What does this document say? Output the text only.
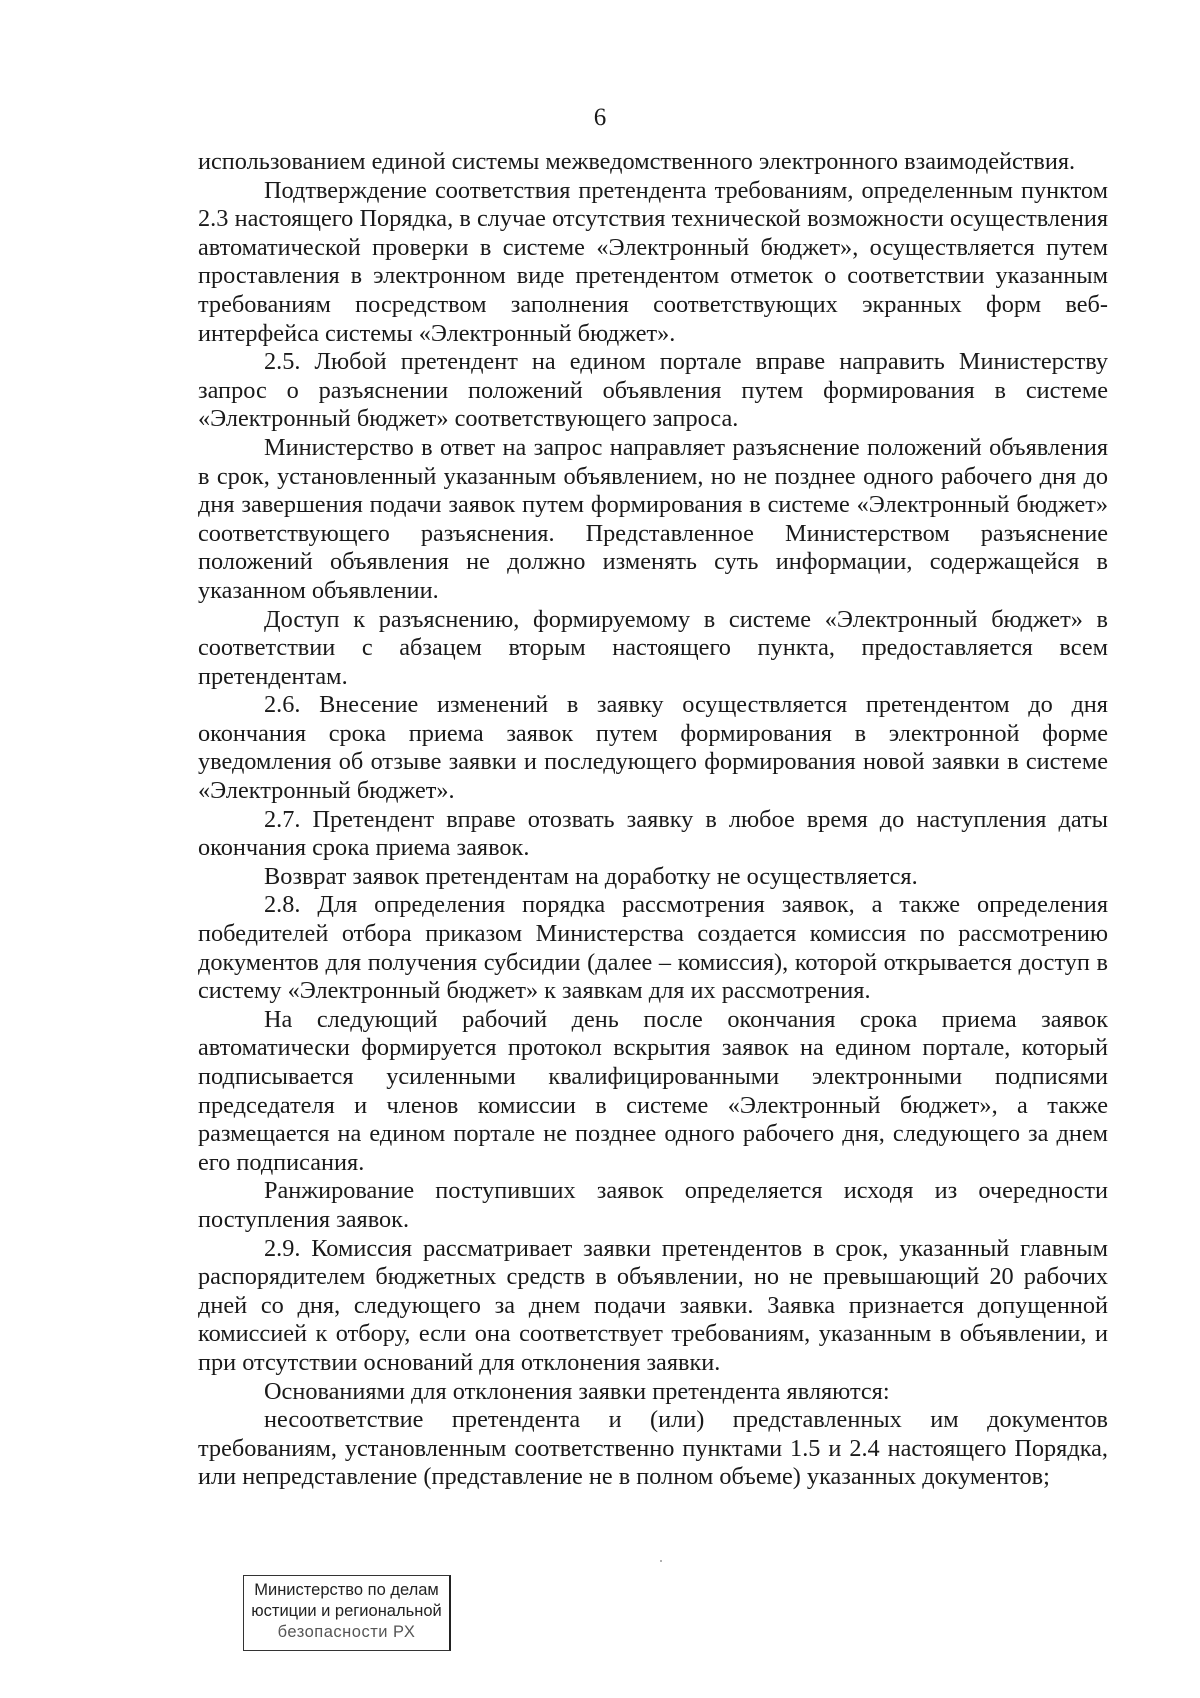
6

использованием единой системы межведомственного электронного взаимодействия.

Подтверждение соответствия претендента требованиям, определенным пунктом 2.3 настоящего Порядка, в случае отсутствия технической возможности осуществления автоматической проверки в системе «Электронный бюджет», осуществляется путем проставления в электронном виде претендентом отметок о соответствии указанным требованиям посредством заполнения соответствующих экранных форм веб-интерфейса системы «Электронный бюджет».

2.5. Любой претендент на едином портале вправе направить Министерству запрос о разъяснении положений объявления путем формирования в системе «Электронный бюджет» соответствующего запроса.

Министерство в ответ на запрос направляет разъяснение положений объявления в срок, установленный указанным объявлением, но не позднее одного рабочего дня до дня завершения подачи заявок путем формирования в системе «Электронный бюджет» соответствующего разъяснения. Представленное Министерством разъяснение положений объявления не должно изменять суть информации, содержащейся в указанном объявлении.

Доступ к разъяснению, формируемому в системе «Электронный бюджет» в соответствии с абзацем вторым настоящего пункта, предоставляется всем претендентам.

2.6. Внесение изменений в заявку осуществляется претендентом до дня окончания срока приема заявок путем формирования в электронной форме уведомления об отзыве заявки и последующего формирования новой заявки в системе «Электронный бюджет».

2.7. Претендент вправе отозвать заявку в любое время до наступления даты окончания срока приема заявок.

Возврат заявок претендентам на доработку не осуществляется.

2.8. Для определения порядка рассмотрения заявок, а также определения победителей отбора приказом Министерства создается комиссия по рассмотрению документов для получения субсидии (далее – комиссия), которой открывается доступ в систему «Электронный бюджет» к заявкам для их рассмотрения.

На следующий рабочий день после окончания срока приема заявок автоматически формируется протокол вскрытия заявок на едином портале, который подписывается усиленными квалифицированными электронными подписями председателя и членов комиссии в системе «Электронный бюджет», а также размещается на едином портале не позднее одного рабочего дня, следующего за днем его подписания.

Ранжирование поступивших заявок определяется исходя из очередности поступления заявок.

2.9. Комиссия рассматривает заявки претендентов в срок, указанный главным распорядителем бюджетных средств в объявлении, но не превышающий 20 рабочих дней со дня, следующего за днем подачи заявки. Заявка признается допущенной комиссией к отбору, если она соответствует требованиям, указанным в объявлении, и при отсутствии оснований для отклонения заявки.

Основаниями для отклонения заявки претендента являются:

несоответствие претендента и (или) представленных им документов требованиям, установленным соответственно пунктами 1.5 и 2.4 настоящего Порядка, или непредставление (представление не в полном объеме) указанных документов;

Министерство по делам
юстиции и региональной
безопасности РХ
